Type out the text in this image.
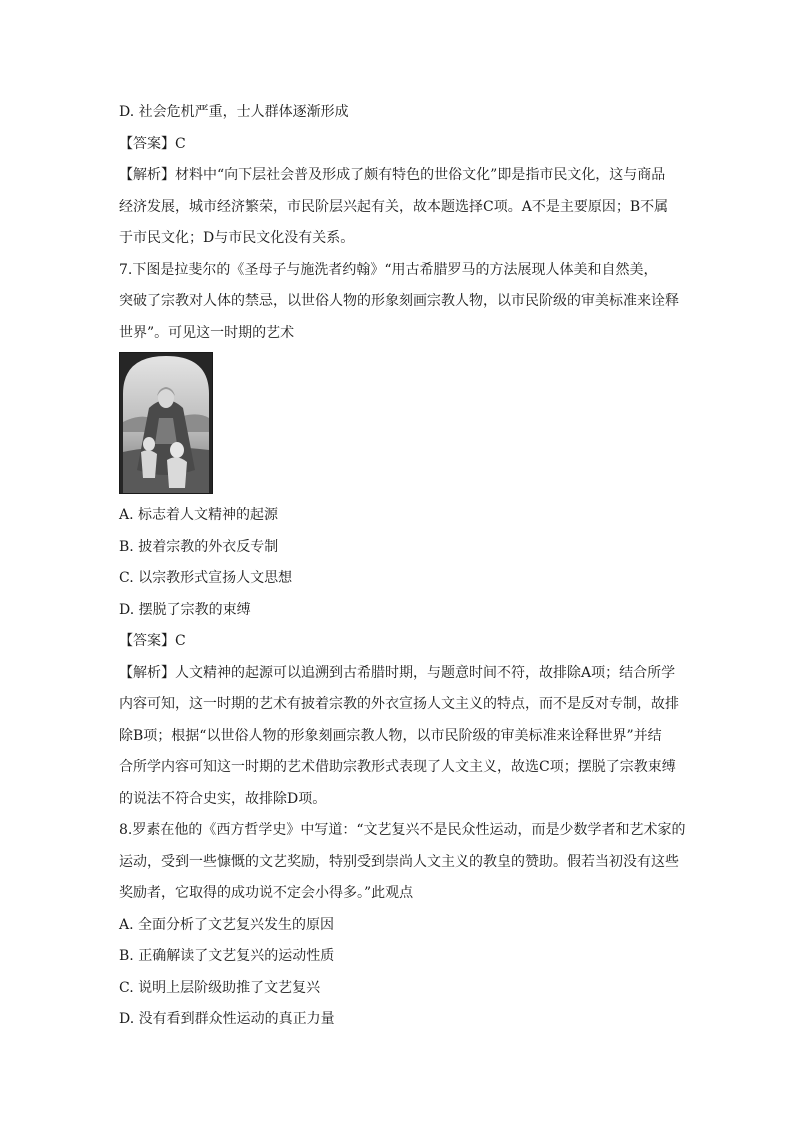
D. 社会危机严重，士人群体逐渐形成
【答案】C
【解析】材料中“向下层社会普及形成了颇有特色的世俗文化”即是指市民文化，这与商品
经济发展，城市经济繁荣，市民阶层兴起有关，故本题选择C项。A不是主要原因；B不属
于市民文化；D与市民文化没有关系。
7.下图是拉斐尔的《圣母子与施洗者约翰》“用古希腊罗马的方法展现人体美和自然美，
突破了宗教对人体的禁忌，以世俗人物的形象刻画宗教人物，以市民阶级的审美标准来诠释
世界”。可见这一时期的艺术
A. 标志着人文精神的起源
B. 披着宗教的外衣反专制
C. 以宗教形式宣扬人文思想
D. 摆脱了宗教的束缚
【答案】C
【解析】人文精神的起源可以追溯到古希腊时期，与题意时间不符，故排除A项；结合所学
内容可知，这一时期的艺术有披着宗教的外衣宣扬人文主义的特点，而不是反对专制，故排
除B项；根据“以世俗人物的形象刻画宗教人物，以市民阶级的审美标准来诠释世界”并结
合所学内容可知这一时期的艺术借助宗教形式表现了人文主义，故选C项；摆脱了宗教束缚
的说法不符合史实，故排除D项。
8.罗素在他的《西方哲学史》中写道：“文艺复兴不是民众性运动，而是少数学者和艺术家的
运动，受到一些慷慨的文艺奖励，特别受到崇尚人文主义的教皇的赞助。假若当初没有这些
奖励者，它取得的成功说不定会小得多。”此观点
A. 全面分析了文艺复兴发生的原因
B. 正确解读了文艺复兴的运动性质
C. 说明上层阶级助推了文艺复兴
D. 没有看到群众性运动的真正力量
